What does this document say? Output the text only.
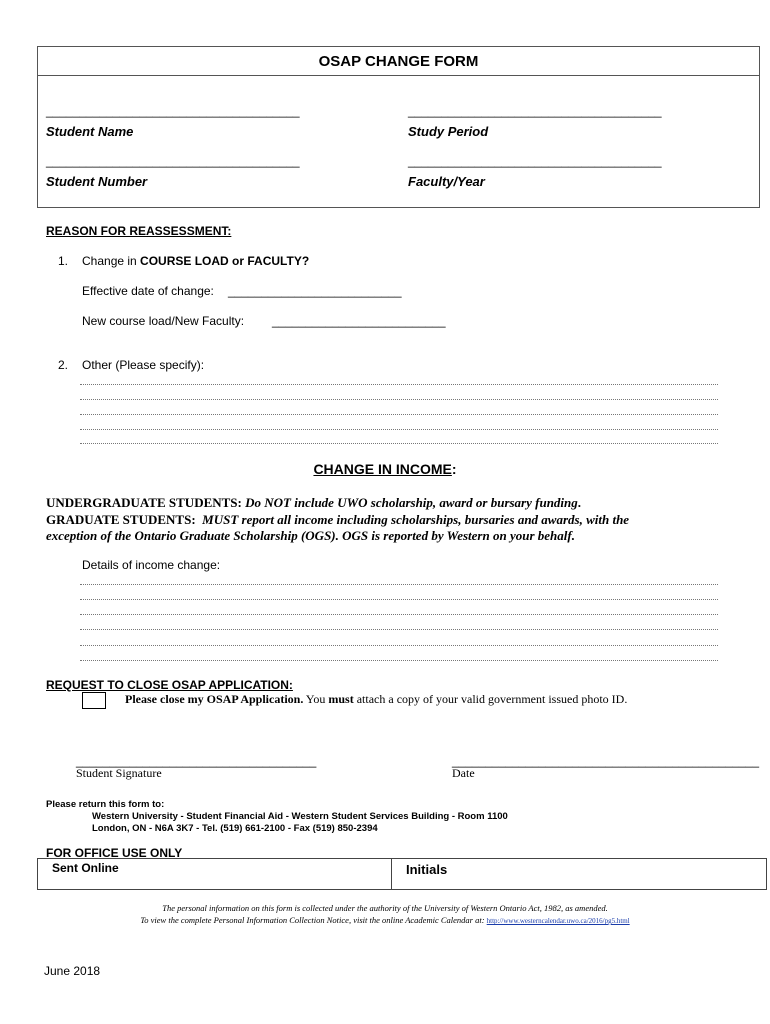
OSAP CHANGE FORM
______________________________________
Student Name
______________________________________
Study Period
______________________________________
Student Number
______________________________________
Faculty/Year
REASON FOR REASSESSMENT:
1. Change in COURSE LOAD or FACULTY?
Effective date of change: __________________________
New course load/New Faculty: __________________________
2. Other (Please specify):
CHANGE IN INCOME:
UNDERGRADUATE STUDENTS: Do NOT include UWO scholarship, award or bursary funding.
GRADUATE STUDENTS: MUST report all income including scholarships, bursaries and awards, with the
exception of the Ontario Graduate Scholarship (OGS). OGS is reported by Western on your behalf.
Details of income change:
REQUEST TO CLOSE OSAP APPLICATION:
Please close my OSAP Application. You must attach a copy of your valid government issued photo ID.
____________________________________
Student Signature
______________________________________________
Date
Please return this form to:
Western University - Student Financial Aid - Western Student Services Building - Room 1100
London, ON - N6A 3K7 - Tel. (519) 661-2100 - Fax (519) 850-2394
FOR OFFICE USE ONLY
Sent Online	Initials
The personal information on this form is collected under the authority of the University of Western Ontario Act, 1982, as amended.
To view the complete Personal Information Collection Notice, visit the online Academic Calendar at: http://www.westerncalendar.uwo.ca/2016/pg5.html
June 2018
